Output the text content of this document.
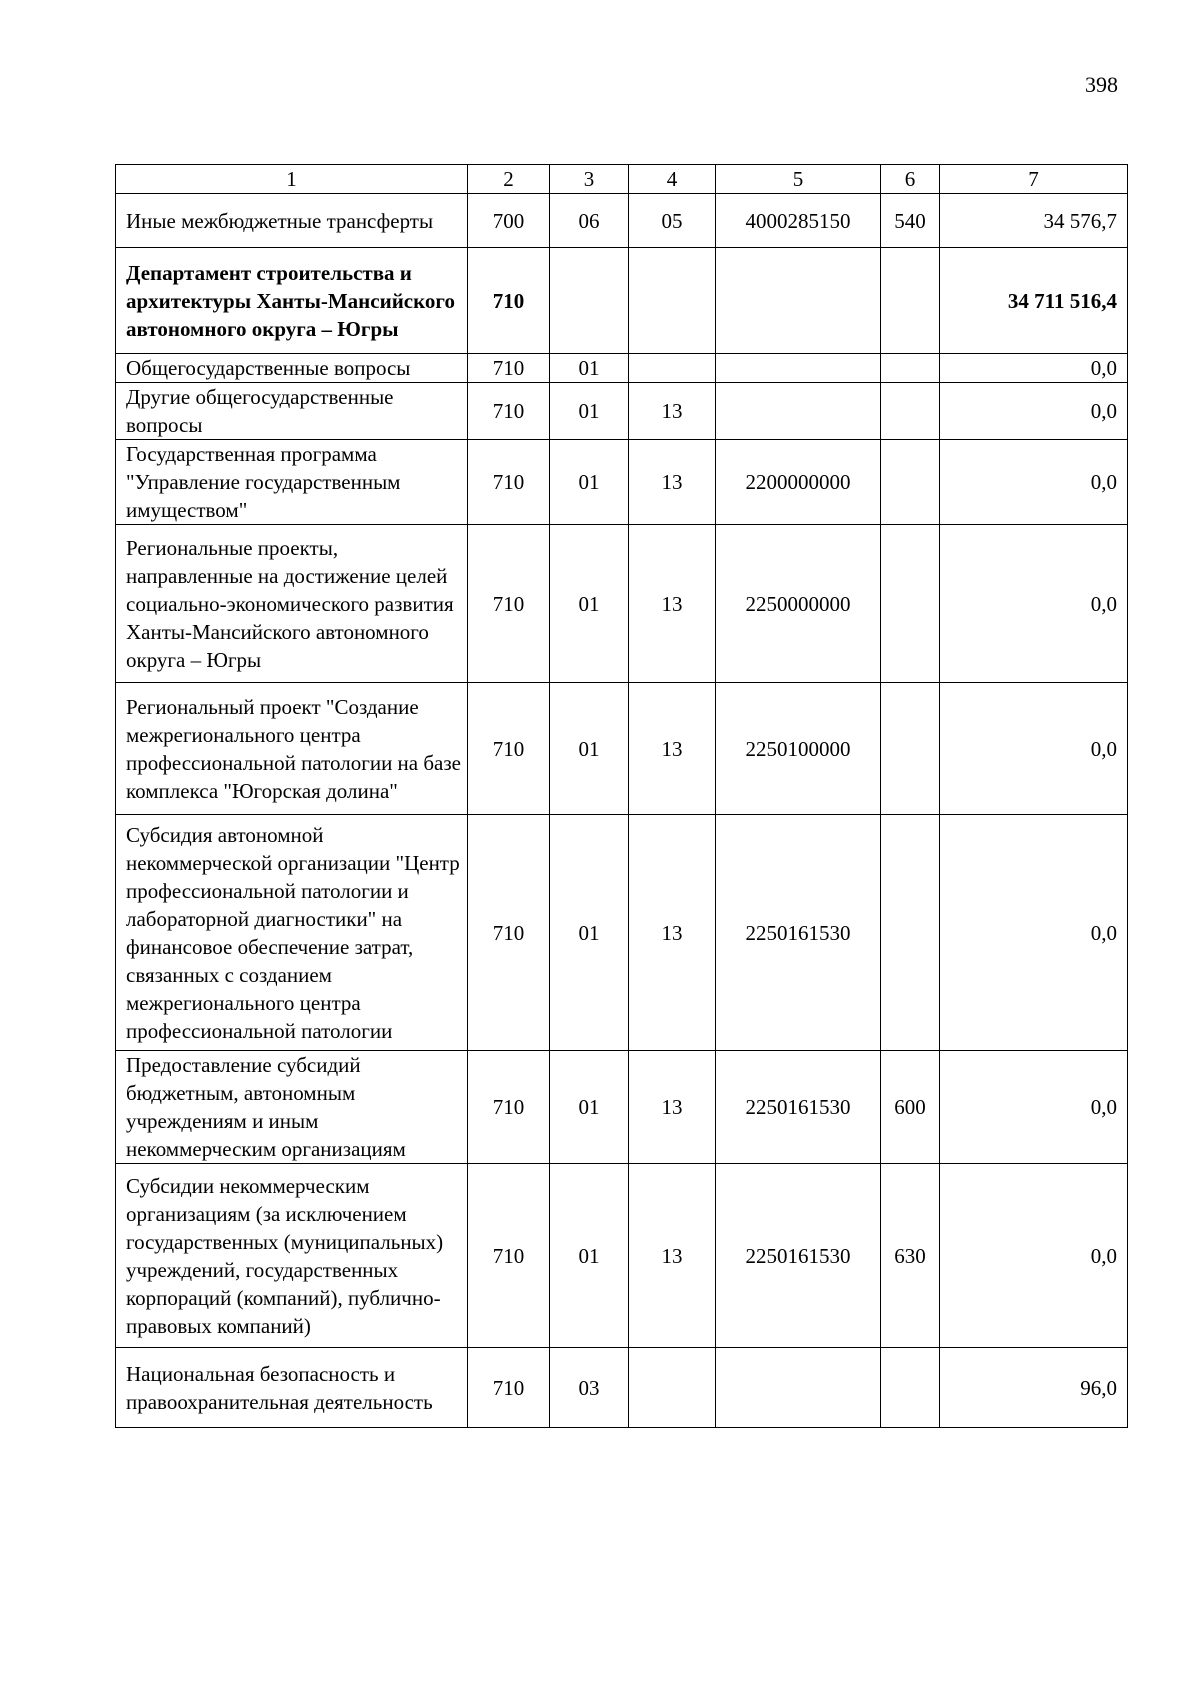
398
1	2	3	4	5	6	7
Иные межбюджетные трансферты	700	06	05	4000285150	540	34 576,7
Департамент строительства и архитектуры Ханты-Мансийского автономного округа – Югры	710					34 711 516,4
Общегосударственные вопросы	710	01				0,0
Другие общегосударственные вопросы	710	01	13			0,0
Государственная программа "Управление государственным имуществом"	710	01	13	2200000000		0,0
Региональные проекты, направленные на достижение целей социально-экономического развития Ханты-Мансийского автономного округа – Югры	710	01	13	2250000000		0,0
Региональный проект "Создание межрегионального центра профессиональной патологии на базе комплекса "Югорская долина"	710	01	13	2250100000		0,0
Субсидия автономной некоммерческой организации "Центр профессиональной патологии и лабораторной диагностики" на финансовое обеспечение затрат, связанных с созданием межрегионального центра профессиональной патологии	710	01	13	2250161530		0,0
Предоставление субсидий бюджетным, автономным учреждениям и иным некоммерческим организациям	710	01	13	2250161530	600	0,0
Субсидии некоммерческим организациям (за исключением государственных (муниципальных) учреждений, государственных корпораций (компаний), публично-правовых компаний)	710	01	13	2250161530	630	0,0
Национальная безопасность и правоохранительная деятельность	710	03				96,0
